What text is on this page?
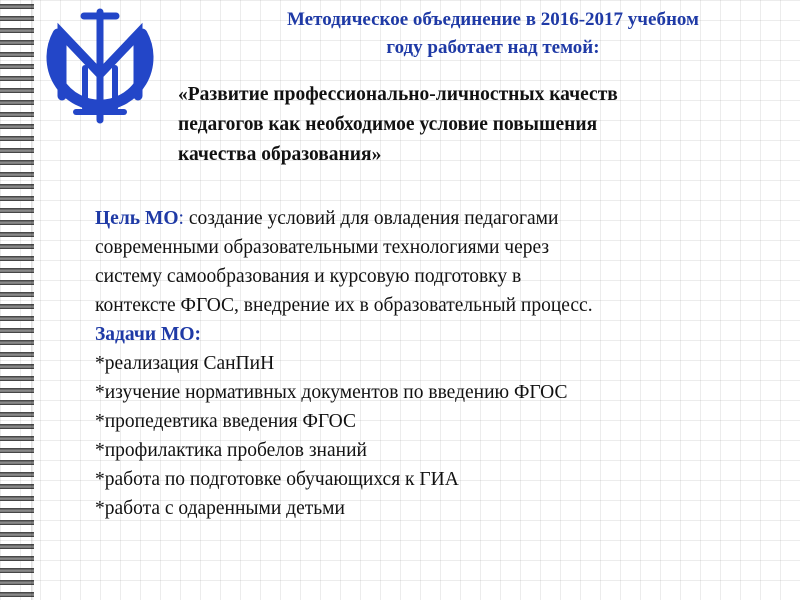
Методическое объединение в 2016-2017 учебном
году работает над темой:
«Развитие профессионально-личностных качеств
педагогов как необходимое условие повышения
качества образования»
Цель МО: создание условий для овладения педагогами
современными образовательными технологиями через
систему самообразования и курсовую подготовку в
контексте ФГОС, внедрение их в образовательный процесс.
Задачи МО:
*реализация СанПиН
*изучение нормативных документов по введению ФГОС
*пропедевтика введения ФГОС
*профилактика пробелов знаний
*работа по подготовке обучающихся к ГИА
*работа с одаренными детьми
